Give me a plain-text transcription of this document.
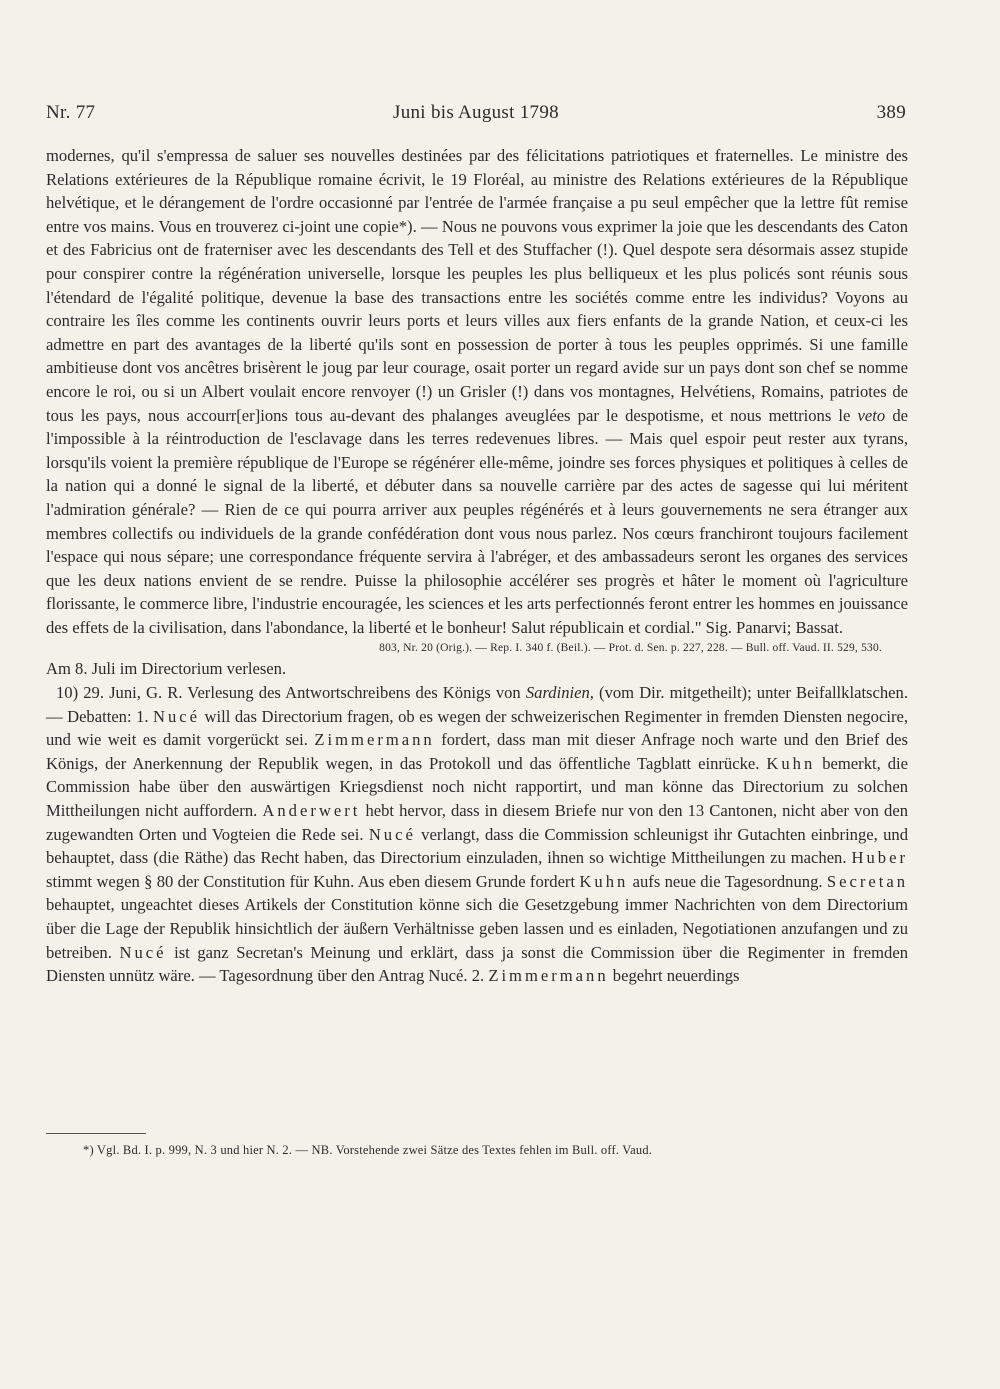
Nr. 77	Juni bis August 1798	389

modernes, qu'il s'empressa de saluer ses nouvelles destinées par des félicitations patriotiques et fraternelles. Le ministre des Relations extérieures de la République romaine écrivit, le 19 Floréal, au ministre des Relations extérieures de la République helvétique, et le dérangement de l'ordre occasionné par l'entrée de l'armée française a pu seul empêcher que la lettre fût remise entre vos mains. Vous en trouverez ci-joint une copie*). — Nous ne pouvons vous exprimer la joie que les descendants des Caton et des Fabricius ont de fraterniser avec les descendants des Tell et des Stuffacher (!). Quel despote sera désormais assez stupide pour conspirer contre la régénération universelle, lorsque les peuples les plus belliqueux et les plus policés sont réunis sous l'étendard de l'égalité politique, devenue la base des transactions entre les sociétés comme entre les individus? Voyons au contraire les îles comme les continents ouvrir leurs ports et leurs villes aux fiers enfants de la grande Nation, et ceux-ci les admettre en part des avantages de la liberté qu'ils sont en possession de porter à tous les peuples opprimés. Si une famille ambitieuse dont vos ancêtres brisèrent le joug par leur courage, osait porter un regard avide sur un pays dont son chef se nomme encore le roi, ou si un Albert voulait encore renvoyer (!) un Grisler (!) dans vos montagnes, Helvétiens, Romains, patriotes de tous les pays, nous accourr[er]ions tous au-devant des phalanges aveuglées par le despotisme, et nous mettrions le veto de l'impossible à la réintroduction de l'esclavage dans les terres redevenues libres. — Mais quel espoir peut rester aux tyrans, lorsqu'ils voient la première république de l'Europe se régénérer elle-même, joindre ses forces physiques et politiques à celles de la nation qui a donné le signal de la liberté, et débuter dans sa nouvelle carrière par des actes de sagesse qui lui méritent l'admiration générale? — Rien de ce qui pourra arriver aux peuples régénérés et à leurs gouvernements ne sera étranger aux membres collectifs ou individuels de la grande confédération dont vous nous parlez. Nos cœurs franchiront toujours facilement l'espace qui nous sépare; une correspondance fréquente servira à l'abréger, et des ambassadeurs seront les organes des services que les deux nations envient de se rendre. Puisse la philosophie accélérer ses progrès et hâter le moment où l'agriculture florissante, le commerce libre, l'industrie encouragée, les sciences et les arts perfectionnés feront entrer les hommes en jouissance des effets de la civilisation, dans l'abondance, la liberté et le bonheur! Salut républicain et cordial." Sig. Panarvi; Bassat.

803, Nr. 20 (Orig.). — Rep. I. 340 f. (Beil.). — Prot. d. Sen. p. 227, 228. — Bull. off. Vaud. II. 529, 530.

Am 8. Juli im Directorium verlesen.

10) 29. Juni, G. R. Verlesung des Antwortschreibens des Königs von Sardinien, (vom Dir. mitgetheilt); unter Beifallklatschen. — Debatten: 1. Nucé will das Directorium fragen, ob es wegen der schweizerischen Regimenter in fremden Diensten negocire, und wie weit es damit vorgerückt sei. Zimmermann fordert, dass man mit dieser Anfrage noch warte und den Brief des Königs, der Anerkennung der Republik wegen, in das Protokoll und das öffentliche Tagblatt einrücke. Kuhn bemerkt, die Commission habe über den auswärtigen Kriegsdienst noch nicht rapportirt, und man könne das Directorium zu solchen Mittheilungen nicht auffordern. Anderwert hebt hervor, dass in diesem Briefe nur von den 13 Cantonen, nicht aber von den zugewandten Orten und Vogteien die Rede sei. Nucé verlangt, dass die Commission schleunigst ihr Gutachten einbringe, und behauptet, dass (die Räthe) das Recht haben, das Directorium einzuladen, ihnen so wichtige Mittheilungen zu machen. Huber stimmt wegen § 80 der Constitution für Kuhn. Aus eben diesem Grunde fordert Kuhn aufs neue die Tagesordnung. Secretan behauptet, ungeachtet dieses Artikels der Constitution könne sich die Gesetzgebung immer Nachrichten von dem Directorium über die Lage der Republik hinsichtlich der äußern Verhältnisse geben lassen und es einladen, Negotiationen anzufangen und zu betreiben. Nucé ist ganz Secretan's Meinung und erklärt, dass ja sonst die Commission über die Regimenter in fremden Diensten unnütz wäre. — Tagesordnung über den Antrag Nucé. 2. Zimmermann begehrt neuerdings

*) Vgl. Bd. I. p. 999, N. 3 und hier N. 2. — NB. Vorstehende zwei Sätze des Textes fehlen im Bull. off. Vaud.
